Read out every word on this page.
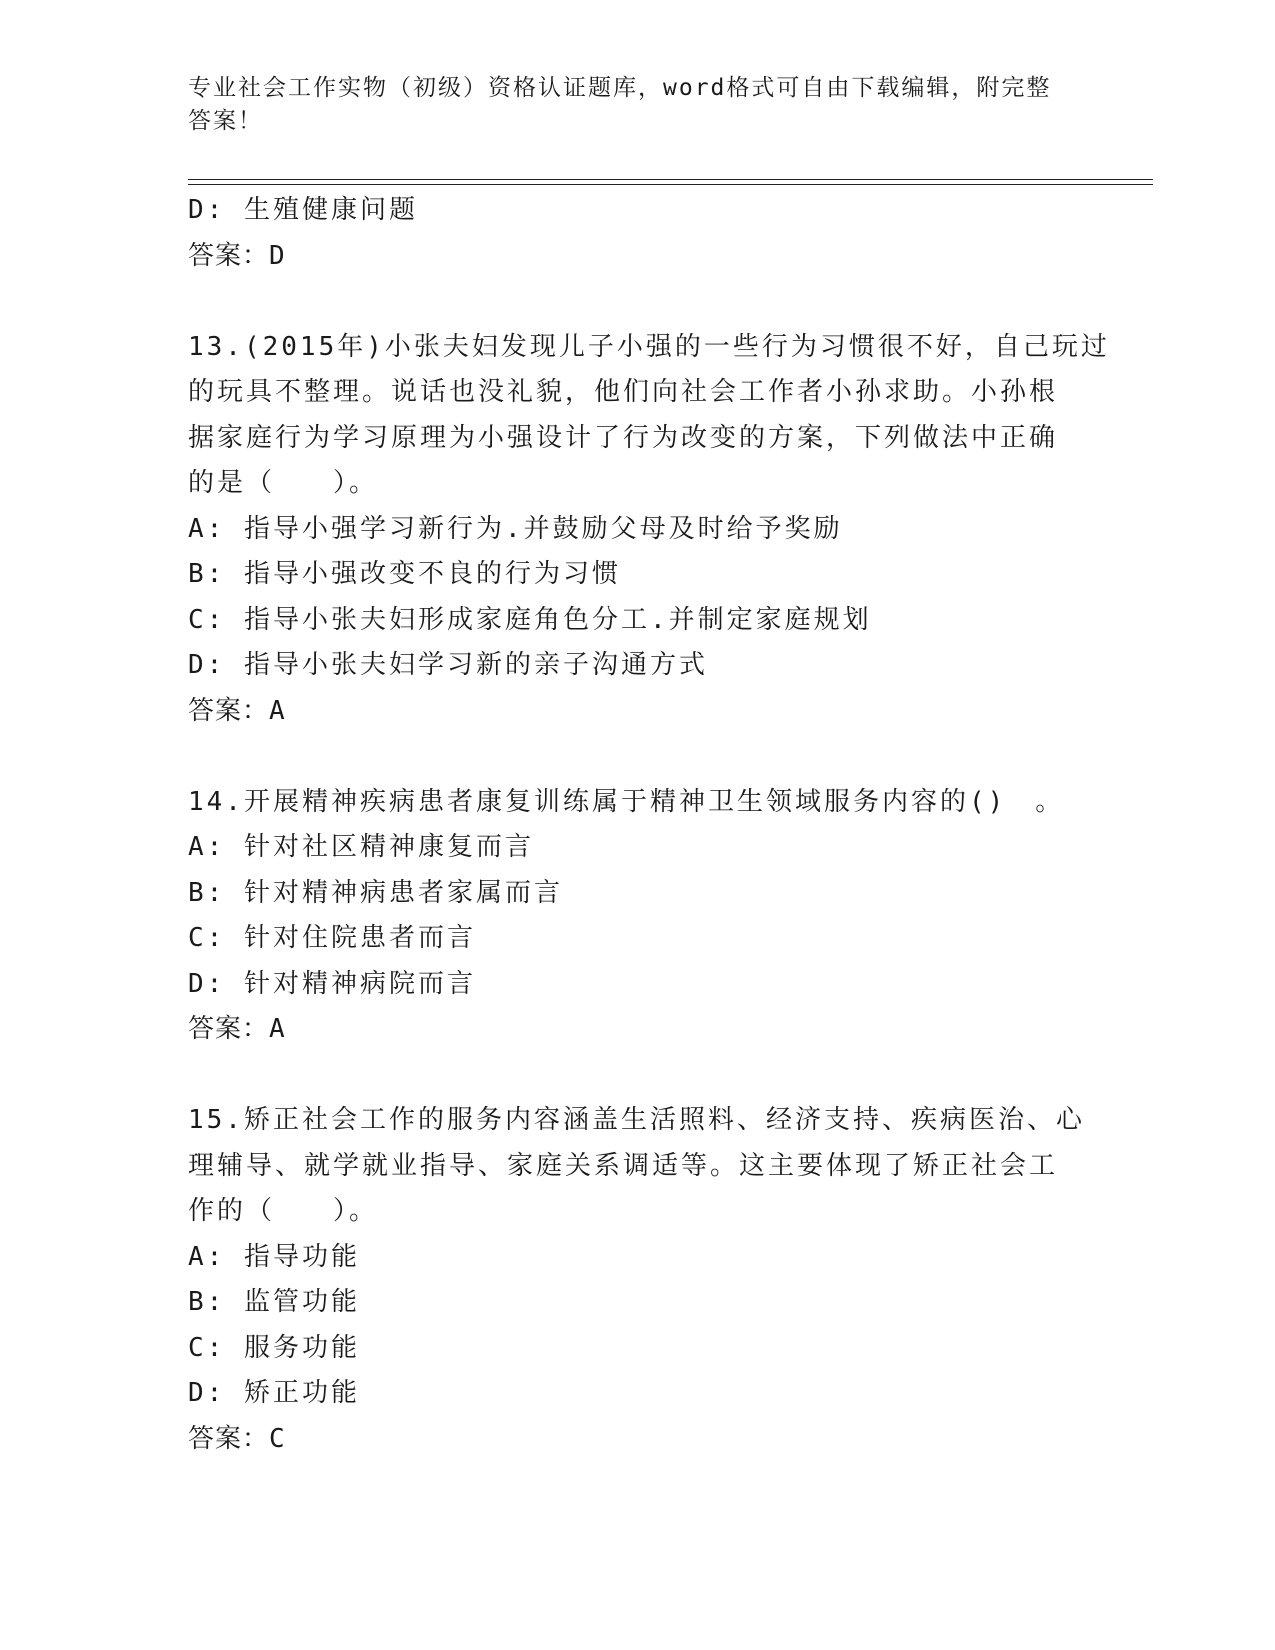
专业社会工作实物（初级）资格认证题库，word格式可自由下载编辑，附完整答案！
D: 生殖健康问题
答案：D
13.(2015年)小张夫妇发现儿子小强的一些行为习惯很不好，自己玩过
的玩具不整理。说话也没礼貌，他们向社会工作者小孙求助。小孙根
据家庭行为学习原理为小强设计了行为改变的方案，下列做法中正确
的是（　　）。
A: 指导小强学习新行为.并鼓励父母及时给予奖励
B: 指导小强改变不良的行为习惯
C: 指导小张夫妇形成家庭角色分工.并制定家庭规划
D: 指导小张夫妇学习新的亲子沟通方式
答案：A
14.开展精神疾病患者康复训练属于精神卫生领域服务内容的()　。
A: 针对社区精神康复而言
B: 针对精神病患者家属而言
C: 针对住院患者而言
D: 针对精神病院而言
答案：A
15.矫正社会工作的服务内容涵盖生活照料、经济支持、疾病医治、心
理辅导、就学就业指导、家庭关系调适等。这主要体现了矫正社会工
作的（　　）。
A: 指导功能
B: 监管功能
C: 服务功能
D: 矫正功能
答案：C
